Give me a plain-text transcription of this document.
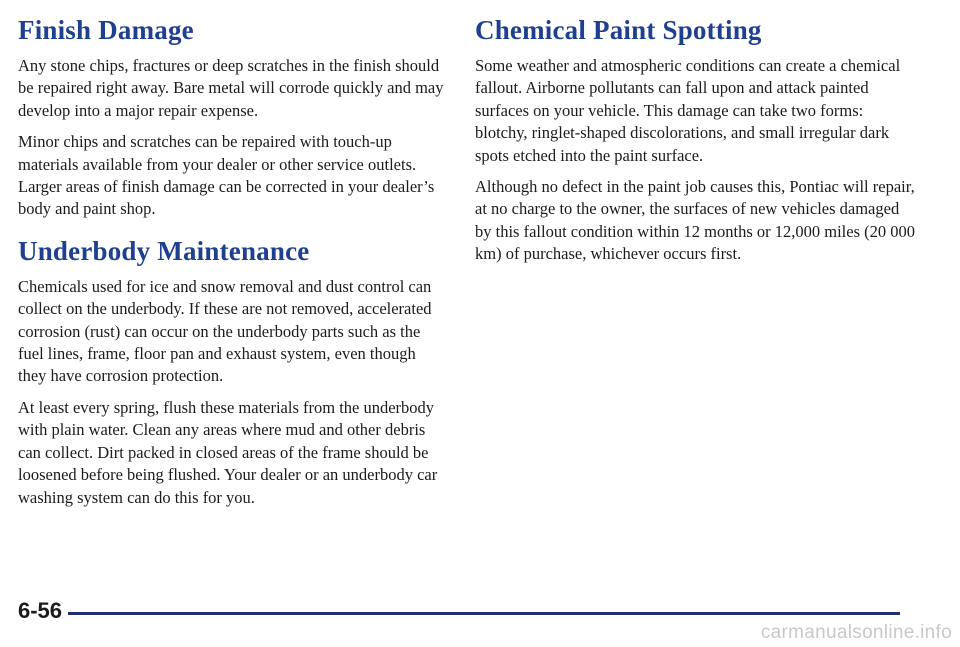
Finish Damage

Any stone chips, fractures or deep scratches in the finish should be repaired right away. Bare metal will corrode quickly and may develop into a major repair expense.

Minor chips and scratches can be repaired with touch-up materials available from your dealer or other service outlets. Larger areas of finish damage can be corrected in your dealer’s body and paint shop.

Underbody Maintenance

Chemicals used for ice and snow removal and dust control can collect on the underbody. If these are not removed, accelerated corrosion (rust) can occur on the underbody parts such as the fuel lines, frame, floor pan and exhaust system, even though they have corrosion protection.

At least every spring, flush these materials from the underbody with plain water. Clean any areas where mud and other debris can collect. Dirt packed in closed areas of the frame should be loosened before being flushed. Your dealer or an underbody car washing system can do this for you.

Chemical Paint Spotting

Some weather and atmospheric conditions can create a chemical fallout. Airborne pollutants can fall upon and attack painted surfaces on your vehicle. This damage can take two forms: blotchy, ringlet-shaped discolorations, and small irregular dark spots etched into the paint surface.

Although no defect in the paint job causes this, Pontiac will repair, at no charge to the owner, the surfaces of new vehicles damaged by this fallout condition within 12 months or 12,000 miles (20 000 km) of purchase, whichever occurs first.

6-56
carmanualsonline.info
